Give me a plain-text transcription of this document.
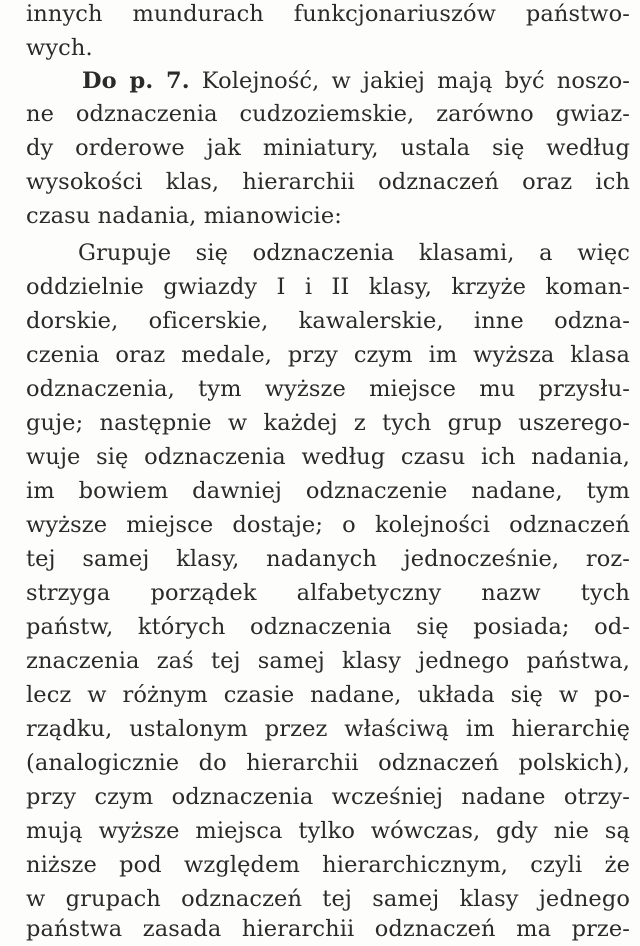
innych mundurach funkcjonariuszów państwo-
wych.
Do p. 7. Kolejność, w jakiej mają być nosz​o-
ne odznaczenia cudzoziemskie, zarówno gwiaz-
dy orderowe jak miniatury, ustala się według
wysokości klas, hierarchii odznaczeń oraz ich
czasu nadania, mianowicie:
Grupuje się odznaczenia klasami, a więc
oddzielnie gwiazdy I i II klasy, krzyże koman-
dorskie, oficerskie, kawalerskie, inne odzna-
czenia oraz medale, przy czym im wyższa klasa
odznaczenia, tym wyższe miejsce mu przysłu-
guje; następnie w każdej z tych grup uszerego-
wuje się odznaczenia według czasu ich nadania,
im bowiem dawniej odznaczenie nadane, tym
wyższe miejsce dostaje; o kolejności odznaczeń
tej samej klasy, nadanych jednocześnie, roz-
strzyga porządek alfabetyczny nazw tych
państw, których odznaczenia się posiada; od-
znaczenia zaś tej samej klasy jednego państwa,
lecz w różnym czasie nadane, układa się w po-
rządku, ustalonym przez właściwą im hierarchię
(analogicznie do hierarchii odznaczeń polskich),
przy czym odznaczenia wcześniej nadane otrzy-
mują wyższe miejsca tylko wówczas, gdy nie są
niższe pod względem hierarchicznym, czyli że
w grupach odznaczeń tej samej klasy jednego
państwa zasada hierarchii odznaczeń ma prze-
